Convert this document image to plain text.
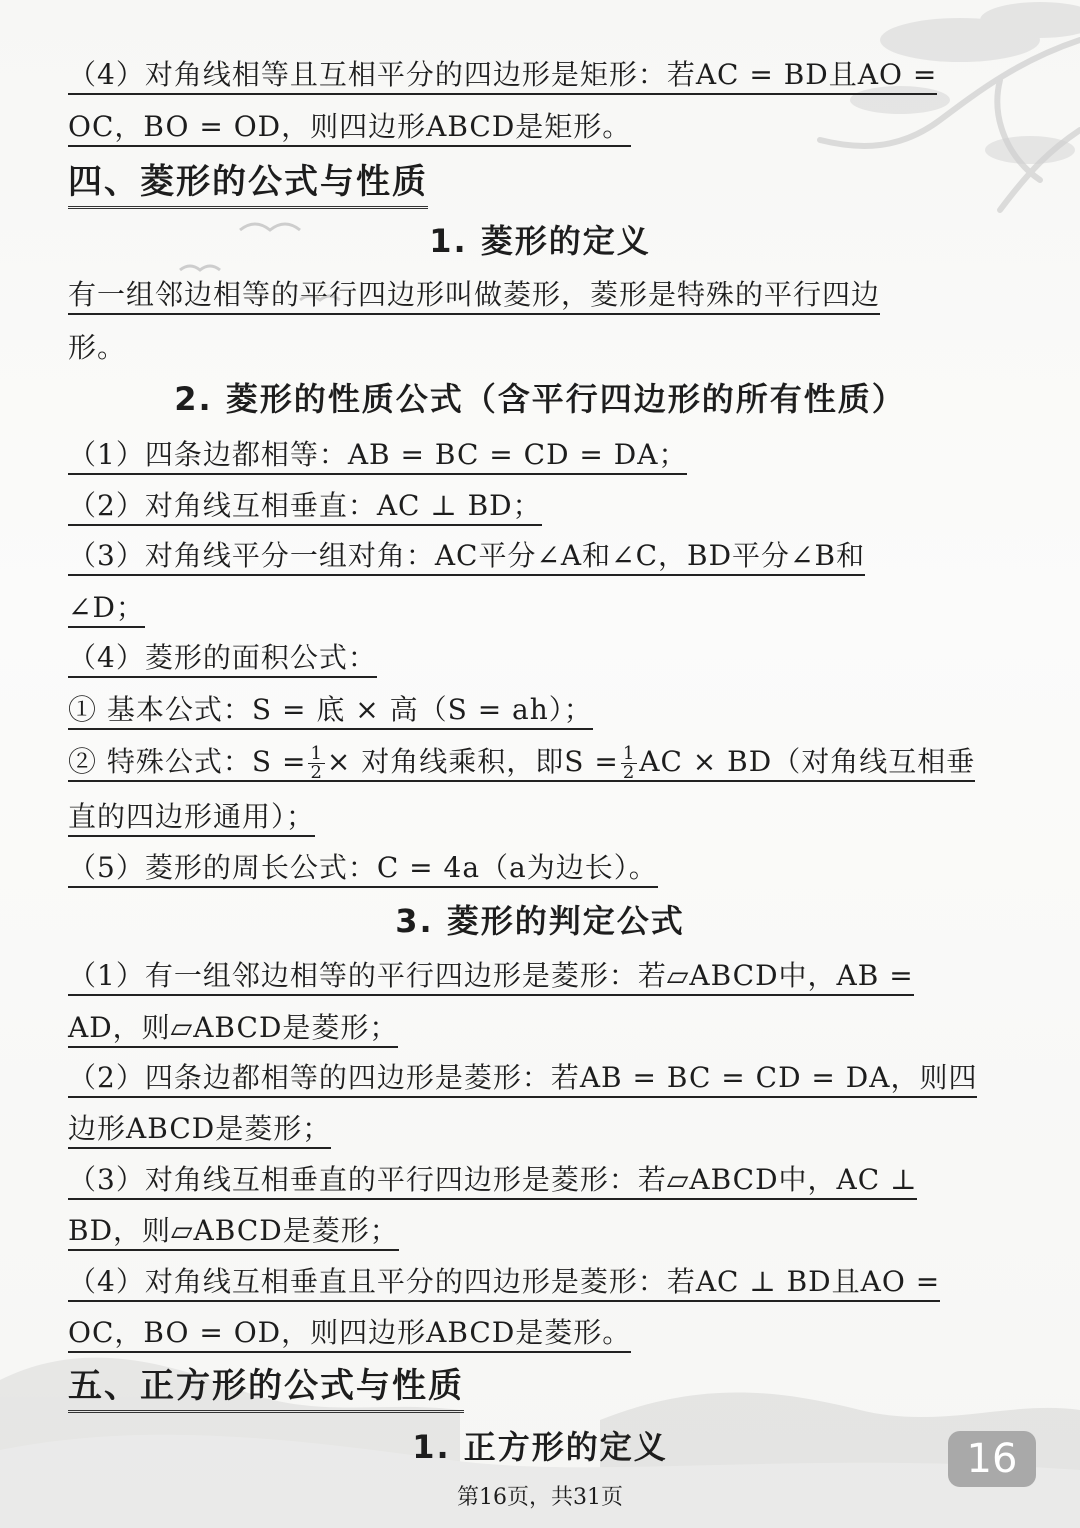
（4）对角线相等且互相平分的四边形是矩形：若AC = BD且AO =
OC，BO = OD，则四边形ABCD是矩形。
四、菱形的公式与性质
1. 菱形的定义
有一组邻边相等的平行四边形叫做菱形，菱形是特殊的平行四边
形。
2. 菱形的性质公式（含平行四边形的所有性质）
（1）四条边都相等：AB = BC = CD = DA；
（2）对角线互相垂直：AC ⊥ BD；
（3）对角线平分一组对角：AC平分∠A和∠C，BD平分∠B和
∠D；
（4）菱形的面积公式：
① 基本公式：S = 底 × 高（S = ah）；
② 特殊公式：$S = \frac{1}{2}$ × 对角线乘积，即$S = \frac{1}{2}$ AC × BD（对角线互相垂
直的四边形通用）；
（5）菱形的周长公式：C = 4a（a为边长）。
3. 菱形的判定公式
（1）有一组邻边相等的平行四边形是菱形：若▱ABCD中，AB =
AD，则▱ABCD是菱形；
（2）四条边都相等的四边形是菱形：若AB = BC = CD = DA，则四
边形ABCD是菱形；
（3）对角线互相垂直的平行四边形是菱形：若▱ABCD中，AC ⊥
BD，则▱ABCD是菱形；
（4）对角线互相垂直且平分的四边形是菱形：若AC ⊥ BD且AO =
OC，BO = OD，则四边形ABCD是菱形。
五、正方形的公式与性质
1. 正方形的定义	16
第16页，共31页
